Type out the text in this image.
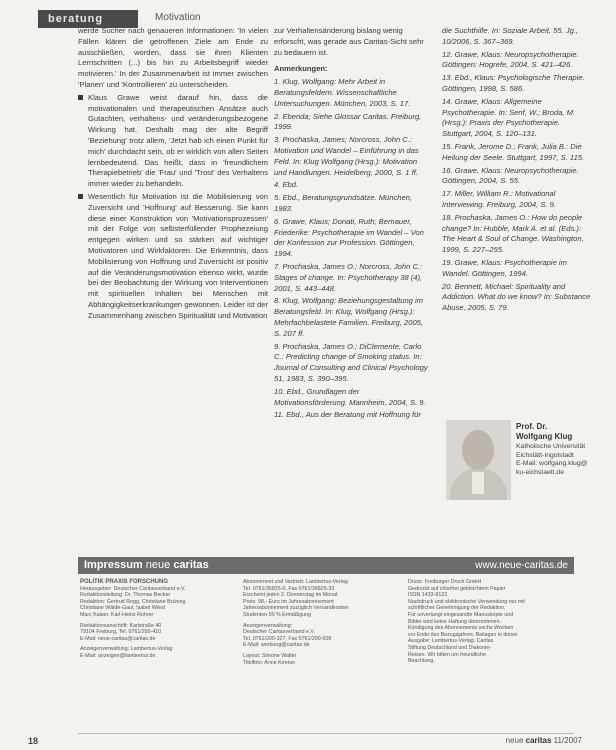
beratung	Motivation

werde Sucher nach genaueren Informationen: 'In vielen Fällen klären die getroffenen Ziele am Ende zu ausschließen, worden, dass sie ihren Klienten Lernschritten (...) bis hin zu Arbeitsbegriff wieder motivieren.' In der Zusammenarbeit ist immer zwischen 'Planen' und 'Kontrollieren' zu unterscheiden.

Klaus Grawe weist darauf hin, dass die motivationalen und therapeutischen Ansätze auch Gutachten, verhaltens- und veränderungsbezogene Wirkung hat. Deshalb mag der alte Begriff 'Beziehung' trotz allem, 'Jetzt hab ich einen Punkt für mich' durchdacht sein, ob er wirklich von allen Seiten lernbedeutend. Das heißt, dass in 'freundlichem Therapiebetrieb' die 'Frau' und 'Trost' des Verhaltens immer wieder zu behandeln.
Wesentlich für Motivation ist die Mobilisierung von Zuversicht und 'Hoffnung' auf Besserung. Sie kann diese einer Konstruktion von 'Motivationsprozessen' mit der Folge von selbsterfüllender Prophezeiung entgegen wirken und so stärken auf wichtiger Motivatoren und Wirkfaktoren. Die Erkenntnis, dass Mobilisierung von Hoffnung und Zuversicht ist positiv auf die Veränderungsmotivation ebenso wirkt, wurde bei der Beobachtung der Wirkung von Interventionen mit spirituellen Inhalten bei Menschen mit Abhängigkeitserkrankungen gewonnen. Leider ist der Zusammenhang zwischen Spiritualität und Motivation

zur Verhaltensänderung bislang wenig erforscht, was gerade aus Caritas-Sicht sehr zu bedauern ist.

Anmerkungen:
1. Klug, Wolfgang: Mehr Arbeit in Beratungsfeldern. Wissenschaftliche Untersuchungen. München, 2003, S. 17.
2. Ebenda; Siehe Glossar Caritas. Freiburg, 1999.
3. Prochaska, James; Norcross, John C.: Motivation und Wandel – Einführung in das Feld. In: Klug Wolfgang (Hrsg.): Motivation und Handlungen. Heidelberg, 2000, S. 1 ff.
4. Ebd.
5. Ebd., Beratungsgrundsätze. München, 1983.
6. Grawe, Klaus; Donati, Ruth; Bernauer, Friederike: Psychotherapie im Wandel – Von der Konfession zur Profession. Göttingen, 1994.
7. Prochaska, James O.; Norcross, John C.: Stages of change. In: Psychotherapy 38 (4), 2001, S. 443–448.
8. Klug, Wolfgang: Beziehungsgestaltung im Beratungsfeld. In: Klug, Wolfgang (Hrsg.): Mehrfachbelastete Familien. Freiburg, 2005, S. 207 ff.
9. Prochaska, James O.; DiClemente, Carlo C.: Predicting change of Smoking status. In: Journal of Consulting and Clinical Psychology 51, 1983, S. 390–395.
10. Ebd., Grundlagen der Motivationsförderung. Mannheim, 2004, S. 9.
11. Ebd., Aus der Beratung mit Hoffnung für
die Suchthilfe. In: Soziale Arbeit, 55. Jg., 10/2006, S. 367–369.
12. Grawe, Klaus: Neuropsychotherapie. Göttingen: Hogrefe, 2004, S. 421–426.
13. Ebd., Klaus: Psychologische Therapie. Göttingen, 1998, S. 586.
14. Grawe, Klaus: Allgemeine Psychotherapie. In: Senf, W.; Broda, M. (Hrsg.): Praxis der Psychotherapie. Stuttgart, 2004, S. 120–131.
15. Frank, Jerome D.; Frank, Julia B.: Die Heilung der Seele. Stuttgart, 1997, S. 115.
16. Grawe, Klaus: Neuropsychotherapie. Göttingen, 2004, S. 55.
17. Miller, William R.: Motivational Interviewing. Freiburg, 2004, S. 9.
18. Prochaska, James O.: How do people change? In: Hubble, Mark A. et al. (Eds.): The Heart & Soul of Change. Washington, 1999, S. 227–255.
19. Grawe, Klaus: Psychotherapie im Wandel. Göttingen, 1994.
20. Bennett, Michael: Spirituality and Addiction. What do we know? In: Substance Abuse, 2005, S. 79.
Prof. Dr.
Wolfgang Klug
Katholische Universität
Eichstätt-Ingolstadt
E-Mail: wolfgang.klug@
ku-eichstaett.de
Impressum neue caritas	www.neue-caritas.de
POLITIK PRAXIS FORSCHUNG
Herausgeber: Deutscher Caritasverband e.V.
Redaktionsleitung: Dr. Thomas Becker
Redaktion: Gertrud Rogg, Christiane Brüning
Christiane Wälde-Gaul, Isabel Wiest
Marc Kaiser, Karl-Heinz Rohrer
Redaktionsanschrift: Karlstraße 40
79104 Freiburg, Tel. 0761/200-410
E-Mail: neue-caritas@caritas.de
Anzeigenverwaltung: Lambertus-Verlag
E-Mail: anzeigen@lambertus.de
Abonnement und Vertrieb: Lambertus-Verlag
Tel. 0761/36825-0, Fax 0761/36825-33
Erscheint jeden 2. Donnerstag im Monat
Preis: 98,- Euro im Jahresabonnement
Jahresabonnement zuzüglich Versandkosten
Studenten 50 % Ermäßigung
Anzeigenverwaltung:
Deutscher Caritasverband e.V.
Tel. 0761/200-327, Fax 0761/200-509
E-Mail: werbung@caritas.de
Layout: Simone Walter
Titelfoto: Anne Kenner
Druck: Freiburger Druck GmbH
Gedruckt auf chlorfrei gebleichtem Papier
ISSN 1433-8122
Nachdruck und elektronische Verwendung nur mit
schriftlicher Genehmigung der Redaktion.
Für unverlangt eingesandte Manuskripte und
Bilder wird keine Haftung übernommen.
Kündigung des Abonnements sechs Wochen
vor Ende des Bezugsjahres. Beilagen in dieser
Ausgabe: Lambertus-Verlag, Caritas
Stiftung Deutschland und Diakonie-
Reisen. Wir bitten um freundliche
Beachtung.
18	neue caritas 11/2007
